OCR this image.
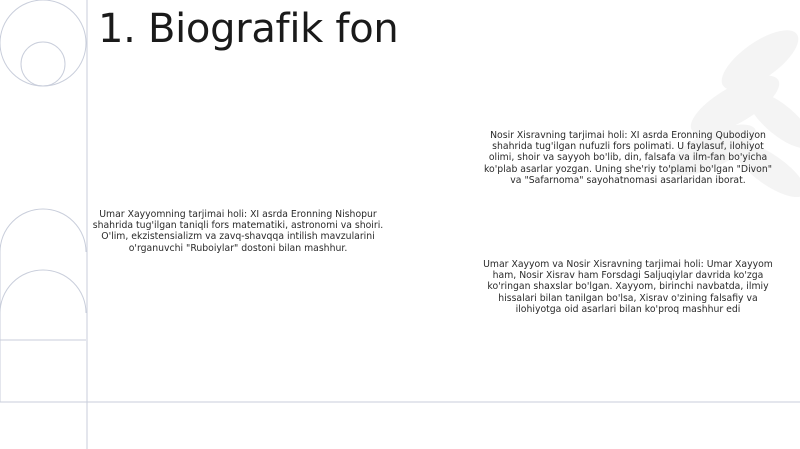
1. Biografik fon
Nosir Xisravning tarjimai holi: XI asrda Eronning Qubodiyon shahrida tug'ilgan nufuzli fors polimati. U faylasuf, ilohiyot olimi, shoir va sayyoh bo'lib, din, falsafa va ilm-fan bo'yicha ko'plab asarlar yozgan. Uning she'riy to'plami bo'lgan "Divon" va "Safarnoma" sayohatnomasi asarlaridan iborat.
Umar Xayyomning tarjimai holi: XI asrda Eronning Nishopur shahrida tug'ilgan taniqli fors matematiki, astronomi va shoiri. O'lim, ekzistensializm va zavq-shavqqa intilish mavzularini o'rganuvchi "Ruboiylar" dostoni bilan mashhur.
Umar Xayyom va Nosir Xisravning tarjimai holi: Umar Xayyom ham, Nosir Xisrav ham Forsdagi Saljuqiylar davrida ko'zga ko'ringan shaxslar bo'lgan. Xayyom, birinchi navbatda, ilmiy hissalari bilan tanilgan bo'lsa, Xisrav o'zining falsafiy va ilohiyotga oid asarlari bilan ko'proq mashhur edi
